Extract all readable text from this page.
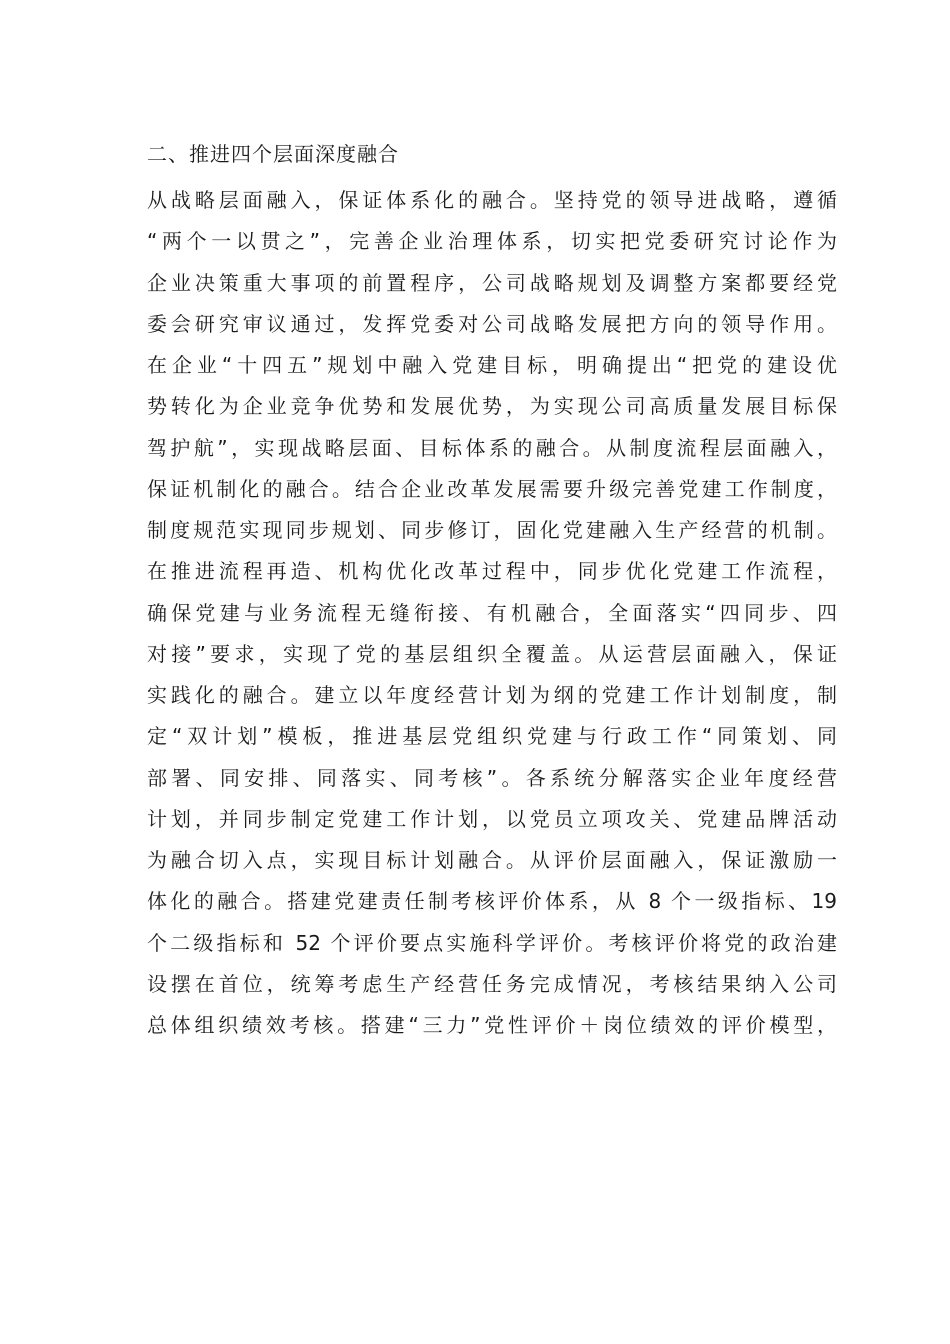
二、推进四个层面深度融合
从战略层面融入，保证体系化的融合。坚持党的领导进战略，遵循
“两个一以贯之”，完善企业治理体系，切实把党委研究讨论作为
企业决策重大事项的前置程序，公司战略规划及调整方案都要经党
委会研究审议通过，发挥党委对公司战略发展把方向的领导作用。
在企业“十四五”规划中融入党建目标，明确提出“把党的建设优
势转化为企业竞争优势和发展优势，为实现公司高质量发展目标保
驾护航”，实现战略层面、目标体系的融合。从制度流程层面融入，
保证机制化的融合。结合企业改革发展需要升级完善党建工作制度，
制度规范实现同步规划、同步修订，固化党建融入生产经营的机制。
在推进流程再造、机构优化改革过程中，同步优化党建工作流程，
确保党建与业务流程无缝衔接、有机融合，全面落实“四同步、四
对接”要求，实现了党的基层组织全覆盖。从运营层面融入，保证
实践化的融合。建立以年度经营计划为纲的党建工作计划制度，制
定“双计划”模板，推进基层党组织党建与行政工作“同策划、同
部署、同安排、同落实、同考核”。各系统分解落实企业年度经营
计划，并同步制定党建工作计划，以党员立项攻关、党建品牌活动
为融合切入点，实现目标计划融合。从评价层面融入，保证激励一
体化的融合。搭建党建责任制考核评价体系，从 8 个一级指标、19
个二级指标和 52 个评价要点实施科学评价。考核评价将党的政治建
设摆在首位，统筹考虑生产经营任务完成情况，考核结果纳入公司
总体组织绩效考核。搭建“三力”党性评价＋岗位绩效的评价模型，
